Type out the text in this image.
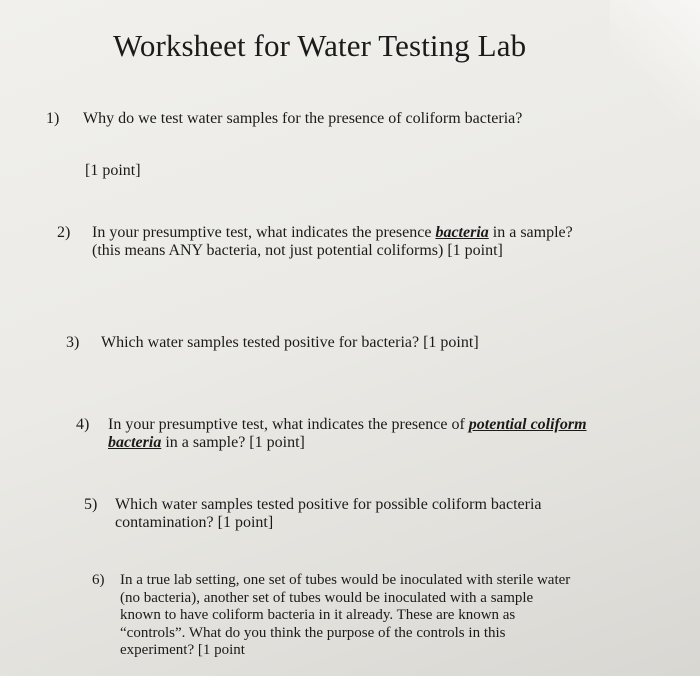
Worksheet for Water Testing Lab
1) Why do we test water samples for the presence of coliform bacteria?
[1 point]
2) In your presumptive test, what indicates the presence bacteria in a sample?
(this means ANY bacteria, not just potential coliforms) [1 point]
3) Which water samples tested positive for bacteria? [1 point]
4) In your presumptive test, what indicates the presence of potential coliform
bacteria in a sample? [1 point]
5) Which water samples tested positive for possible coliform bacteria
contamination? [1 point]
6) In a true lab setting, one set of tubes would be inoculated with sterile water
(no bacteria), another set of tubes would be inoculated with a sample
known to have coliform bacteria in it already. These are known as
“controls”. What do you think the purpose of the controls in this
experiment? [1 point
